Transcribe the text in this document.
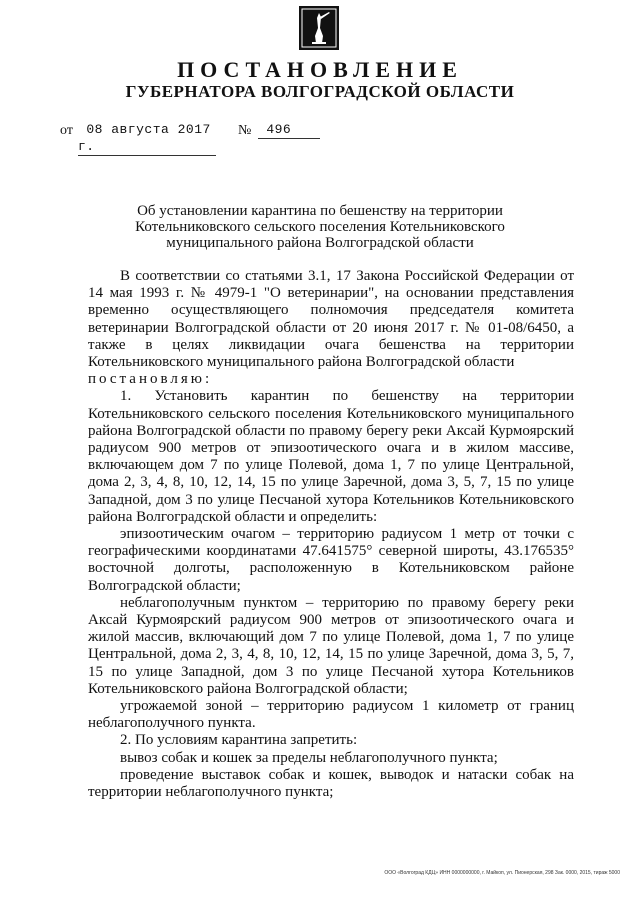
ПОСТАНОВЛЕНИЕ
ГУБЕРНАТОРА ВОЛГОГРАДСКОЙ ОБЛАСТИ
от	08 августа 2017 г.
№	496
Об установлении карантина по бешенству на территории
Котельниковского сельского поселения Котельниковского
муниципального района Волгоградской области

В соответствии со статьями 3.1, 17 Закона Российской Федерации от 14 мая 1993 г. № 4979-1 "О ветеринарии", на основании представления временно осуществляющего полномочия председателя комитета ветеринарии Волгоградской области от 20 июня 2017 г. № 01-08/6450, а также в целях ликвидации очага бешенства на территории Котельниковского муниципального района Волгоградской области

постановляю:

1. Установить карантин по бешенству на территории Котельниковского сельского поселения Котельниковского муниципального района Волгоградской области по правому берегу реки Аксай Курмоярский радиусом 900 метров от эпизоотического очага и в жилом массиве, включающем дом 7 по улице Полевой, дома 1, 7 по улице Центральной, дома 2, 3, 4, 8, 10, 12, 14, 15 по улице Заречной, дома 3, 5, 7, 15 по улице Западной, дом 3 по улице Песчаной хутора Котельников Котельниковского района Волгоградской области и определить:

эпизоотическим очагом – территорию радиусом 1 метр от точки с географическими координатами 47.641575° северной широты, 43.176535° восточной долготы, расположенную в Котельниковском районе Волгоградской области;

неблагополучным пунктом – территорию по правому берегу реки Аксай Курмоярский радиусом 900 метров от эпизоотического очага и жилой массив, включающий дом 7 по улице Полевой, дома 1, 7 по улице Центральной, дома 2, 3, 4, 8, 10, 12, 14, 15 по улице Заречной, дома 3, 5, 7, 15 по улице Западной, дом 3 по улице Песчаной хутора Котельников Котельниковского района Волгоградской области;

угрожаемой зоной – территорию радиусом 1 километр от границ неблагополучного пункта.

2. По условиям карантина запретить:

вывоз собак и кошек за пределы неблагополучного пункта;

проведение выставок собак и кошек, выводок и натаски собак на территории неблагополучного пункта;

ООО «Волгоград КДЦ» ИНН 0000000000, г. Майкоп, ул. Пионерская, 298 Зак. 0000, 2015, тираж 5000
